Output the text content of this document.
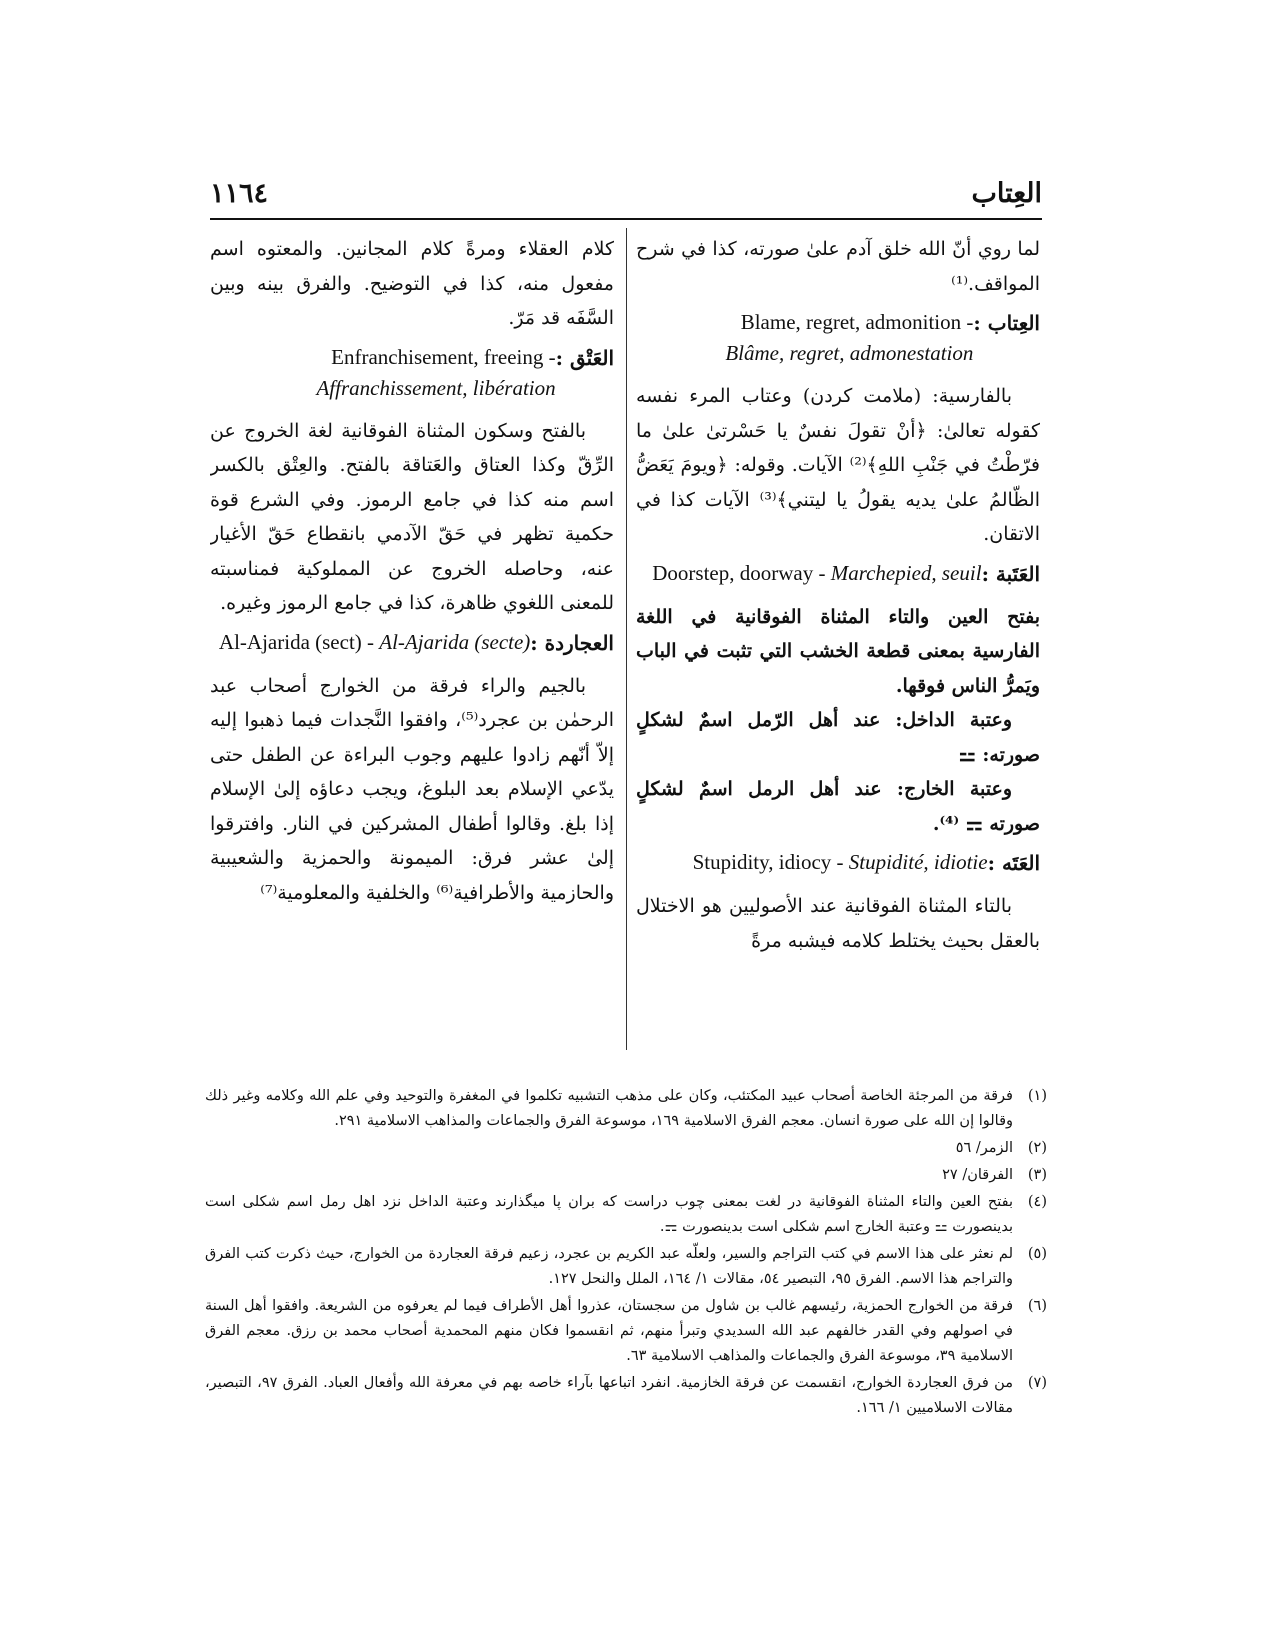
العِتاب
١١٦٤

لما روي أنّ الله خلق آدم علىٰ صورته، كذا في شرح المواقف.⁽¹⁾

العِتاب :
Blame, regret, admonition -
Blâme, regret, admonestation

بالفارسية: (ملامت كردن) وعتاب المرء نفسه كقوله تعالىٰ: ﴿أنْ تقولَ نفسٌ يا حَسْرتىٰ علىٰ ما فرّطْتُ في جَنْبِ اللهِ﴾⁽²⁾ الآيات. وقوله: ﴿ويومَ يَعَضُّ الظّالمُ علىٰ يديه يقولُ يا ليتني﴾⁽³⁾ الآيات كذا في الاتقان.

العَتَبة :
Doorstep, doorway - Marchepied, seuil

بفتح العين والتاء المثناة الفوقانية في اللغة الفارسية بمعنى قطعة الخشب التي تثبت في الباب ويَمرُّ الناس فوقها.

وعتبة الداخل: عند أهل الرّمل اسمٌ لشكلٍ صورته: ⚍

وعتبة الخارج: عند أهل الرمل اسمٌ لشكلٍ صورته ⚎ ⁽⁴⁾.

العَتَه :
Stupidity, idiocy - Stupidité, idiotie

بالتاء المثناة الفوقانية عند الأصوليين هو الاختلال بالعقل بحيث يختلط كلامه فيشبه مرةً

كلام العقلاء ومرةً كلام المجانين. والمعتوه اسم مفعول منه، كذا في التوضيح. والفرق بينه وبين السَّفَه قد مَرّ.

العَتْق :
Enfranchisement, freeing -
Affranchissement, libération

بالفتح وسكون المثناة الفوقانية لغة الخروج عن الرِّقّ وكذا العتاق والعَتاقة بالفتح. والعِتْق بالكسر اسم منه كذا في جامع الرموز. وفي الشرع قوة حكمية تظهر في حَقّ الآدمي بانقطاع حَقّ الأغيار عنه، وحاصله الخروج عن المملوكية فمناسبته للمعنى اللغوي ظاهرة، كذا في جامع الرموز وغيره.

العجاردة :
Al-Ajarida (sect) - Al-Ajarida (secte)

بالجيم والراء فرقة من الخوارج أصحاب عبد الرحمٰن بن عجرد⁽⁵⁾، وافقوا النَّجدات فيما ذهبوا إليه إلاّ أنّهم زادوا عليهم وجوب البراءة عن الطفل حتى يدّعي الإسلام بعد البلوغ، ويجب دعاؤه إلىٰ الإسلام إذا بلغ. وقالوا أطفال المشركين في النار. وافترقوا إلىٰ عشر فرق: الميمونة والحمزية والشعيبية والحازمية والأطرافية⁽⁶⁾ والخلفية والمعلومية⁽⁷⁾

(١)
فرقة من المرجئة الخاصة أصحاب عبيد المكتئب، وكان على مذهب التشبيه تكلموا في المغفرة والتوحيد وفي علم الله وكلامه وغير ذلك وقالوا إن الله على صورة انسان. معجم الفرق الاسلامية ١٦٩، موسوعة الفرق والجماعات والمذاهب الاسلامية ٢٩١.

(٢)
الزمر/ ٥٦

(٣)
الفرقان/ ٢٧

(٤)
بفتح العين والتاء المثناة الفوقانية در لغت بمعنى چوب دراست كه بران پا ميگذارند وعتبة الداخل نزد اهل رمل اسم شكلى است بدينصورت ⚍ وعتبة الخارج اسم شكلى است بدينصورت ⚎.

(٥)
لم نعثر على هذا الاسم في كتب التراجم والسير، ولعلّه عبد الكريم بن عجرد، زعيم فرقة العجاردة من الخوارج، حيث ذكرت كتب الفرق والتراجم هذا الاسم. الفرق ٩٥، التبصير ٥٤، مقالات ١/ ١٦٤، الملل والنحل ١٢٧.

(٦)
فرقة من الخوارج الحمزية، رئيسهم غالب بن شاول من سجستان، عذروا أهل الأطراف فيما لم يعرفوه من الشريعة. وافقوا أهل السنة في اصولهم وفي القدر خالفهم عبد الله السديدي وتبرأ منهم، ثم انقسموا فكان منهم المحمدية أصحاب محمد بن رزق. معجم الفرق الاسلامية ٣٩، موسوعة الفرق والجماعات والمذاهب الاسلامية ٦٣.

(٧)
من فرق العجاردة الخوارج، انقسمت عن فرقة الخازمية. انفرد اتباعها بآراء خاصه بهم في معرفة الله وأفعال العباد. الفرق ٩٧، التبصير، مقالات الاسلاميين ١/ ١٦٦.
